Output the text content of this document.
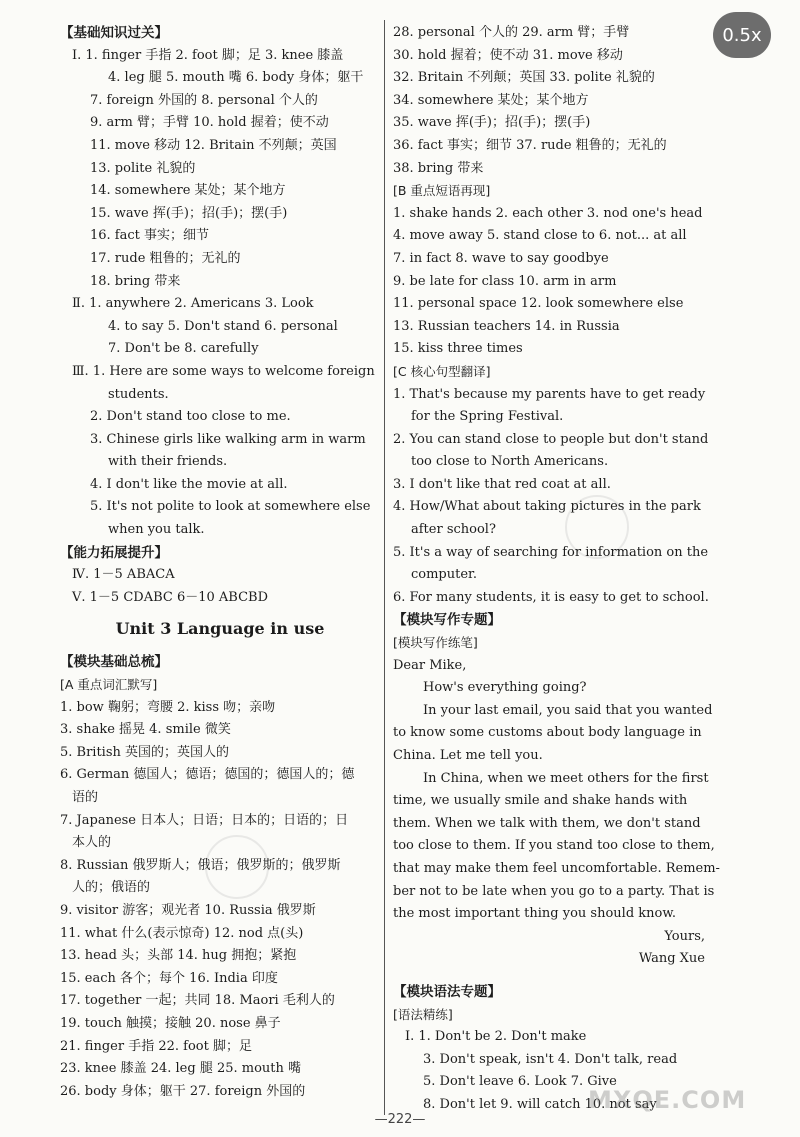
【基础知识过关】
Ⅰ. 1. finger 手指 2. foot 脚；足 3. knee 膝盖
4. leg 腿 5. mouth 嘴 6. body 身体；躯干
7. foreign 外国的 8. personal 个人的
9. arm 臂；手臂 10. hold 握着；使不动
11. move 移动 12. Britain 不列颠；英国
13. polite 礼貌的
14. somewhere 某处；某个地方
15. wave 挥(手)；招(手)；摆(手)
16. fact 事实；细节
17. rude 粗鲁的；无礼的
18. bring 带来
Ⅱ. 1. anywhere 2. Americans 3. Look
4. to say 5. Don't stand 6. personal
7. Don't be 8. carefully
Ⅲ. 1. Here are some ways to welcome foreign
students.
2. Don't stand too close to me.
3. Chinese girls like walking arm in warm
with their friends.
4. I don't like the movie at all.
5. It's not polite to look at somewhere else
when you talk.
【能力拓展提升】
Ⅳ. 1－5 ABACA
Ⅴ. 1－5 CDABC 6－10 ABCBD
Unit 3 Language in use
【模块基础总梳】
[A 重点词汇默写]
1. bow 鞠躬；弯腰 2. kiss 吻；亲吻
3. shake 摇晃 4. smile 微笑
5. British 英国的；英国人的
6. German 德国人；德语；德国的；德国人的；德
语的
7. Japanese 日本人；日语；日本的；日语的；日
本人的
8. Russian 俄罗斯人；俄语；俄罗斯的；俄罗斯
人的；俄语的
9. visitor 游客；观光者 10. Russia 俄罗斯
11. what 什么(表示惊奇) 12. nod 点(头)
13. head 头；头部 14. hug 拥抱；紧抱
15. each 各个；每个 16. India 印度
17. together 一起；共同 18. Maori 毛利人的
19. touch 触摸；接触 20. nose 鼻子
21. finger 手指 22. foot 脚；足
23. knee 膝盖 24. leg 腿 25. mouth 嘴
26. body 身体；躯干 27. foreign 外国的
28. personal 个人的 29. arm 臂；手臂
30. hold 握着；使不动 31. move 移动
32. Britain 不列颠；英国 33. polite 礼貌的
34. somewhere 某处；某个地方
35. wave 挥(手)；招(手)；摆(手)
36. fact 事实；细节 37. rude 粗鲁的；无礼的
38. bring 带来
[B 重点短语再现]
1. shake hands 2. each other 3. nod one's head
4. move away 5. stand close to 6. not... at all
7. in fact 8. wave to say goodbye
9. be late for class 10. arm in arm
11. personal space 12. look somewhere else
13. Russian teachers 14. in Russia
15. kiss three times
[C 核心句型翻译]
1. That's because my parents have to get ready
for the Spring Festival.
2. You can stand close to people but don't stand
too close to North Americans.
3. I don't like that red coat at all.
4. How/What about taking pictures in the park
after school?
5. It's a way of searching for information on the
computer.
6. For many students, it is easy to get to school.
【模块写作专题】
[模块写作练笔]
Dear Mike,
How's everything going?
In your last email, you said that you wanted
to know some customs about body language in
China. Let me tell you.
In China, when we meet others for the first
time, we usually smile and shake hands with
them. When we talk with them, we don't stand
too close to them. If you stand too close to them,
that may make them feel uncomfortable. Remem-
ber not to be late when you go to a party. That is
the most important thing you should know.
Yours,
Wang Xue
【模块语法专题】
[语法精练]
Ⅰ. 1. Don't be 2. Don't make
3. Don't speak, isn't 4. Don't talk, read
5. Don't leave 6. Look 7. Give
8. Don't let 9. will catch 10. not say
0.5x
—222—
MXQE.COM
